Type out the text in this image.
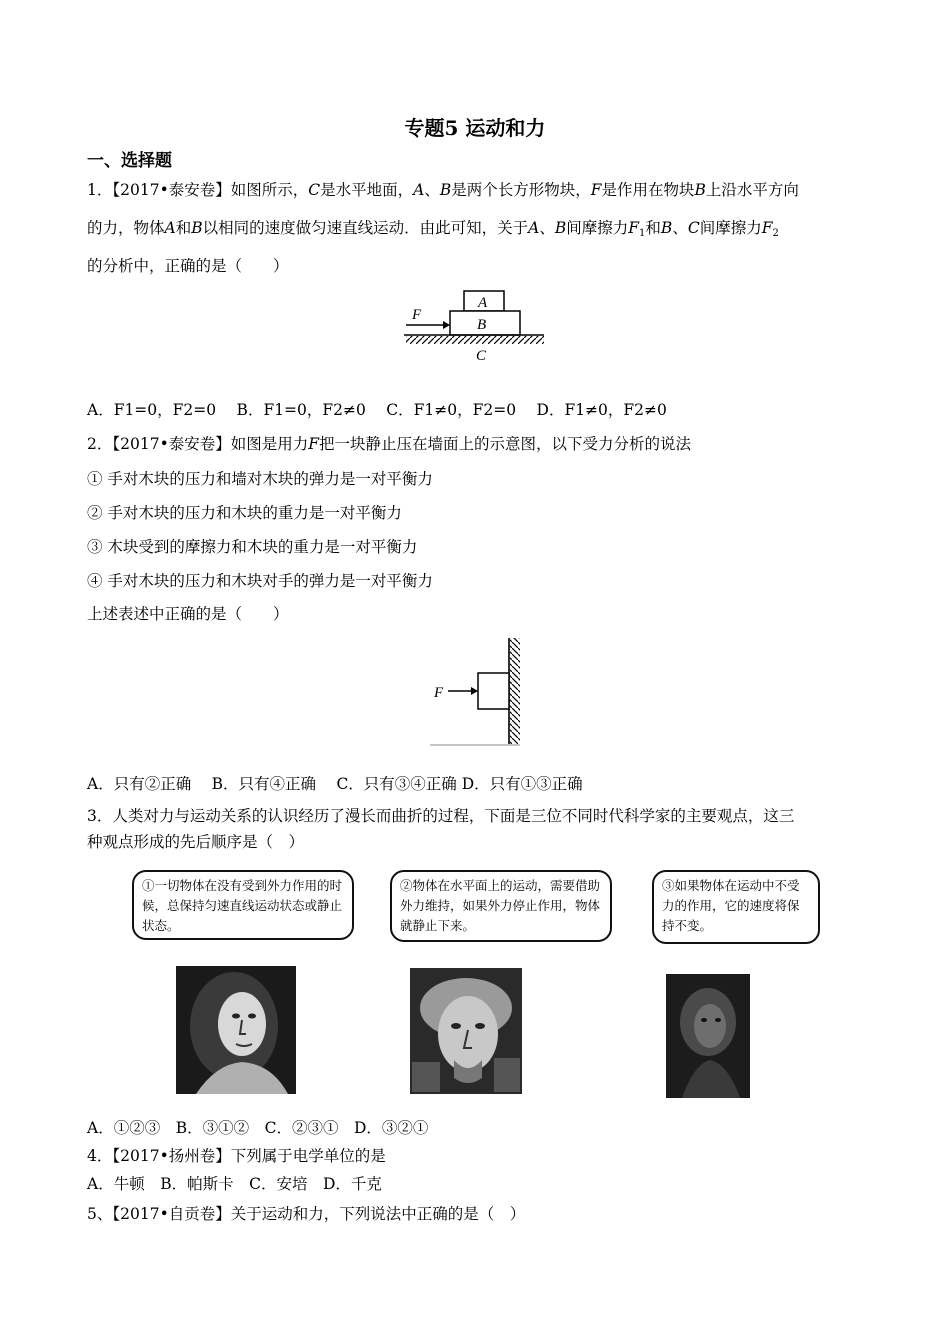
专题5 运动和力
一、选择题
1．【2017•泰安卷】如图所示，C是水平地面，A、B是两个长方形物块，F是作用在物块B上沿水平方向
的力，物体A和B以相同的速度做匀速直线运动．由此可知，关于A、B间摩擦力$F_1$和B、C间摩擦力$F_2$
的分析中，正确的是（　　）
F
A
B
C
A．F1=0，F2=0　 B．F1=0，F2≠0　 C．F1≠0，F2=0　 D．F1≠0，F2≠0
2．【2017•泰安卷】如图是用力F把一块静止压在墙面上的示意图，以下受力分析的说法
① 手对木块的压力和墙对木块的弹力是一对平衡力
② 手对木块的压力和木块的重力是一对平衡力
③ 木块受到的摩擦力和木块的重力是一对平衡力
④ 手对木块的压力和木块对手的弹力是一对平衡力
上述表述中正确的是（　　）
F
A．只有②正确　 B．只有④正确　 C．只有③④正确 D．只有①③正确
3．人类对力与运动关系的认识经历了漫长而曲折的过程，下面是三位不同时代科学家的主要观点，这三
种观点形成的先后顺序是（　）
①一切物体在没有受到外力作用的时候，总保持匀速直线运动状态或静止状态。
②物体在水平面上的运动，需要借助外力维持，如果外力停止作用，物体就静止下来。
③如果物体在运动中不受力的作用，它的速度将保持不变。
A．①②③　B．③①②　C．②③①　D．③②①
4．【2017•扬州卷】下列属于电学单位的是
A．牛顿　B．帕斯卡　C．安培　D．千克
5、【2017•自贡卷】关于运动和力，下列说法中正确的是（　）
